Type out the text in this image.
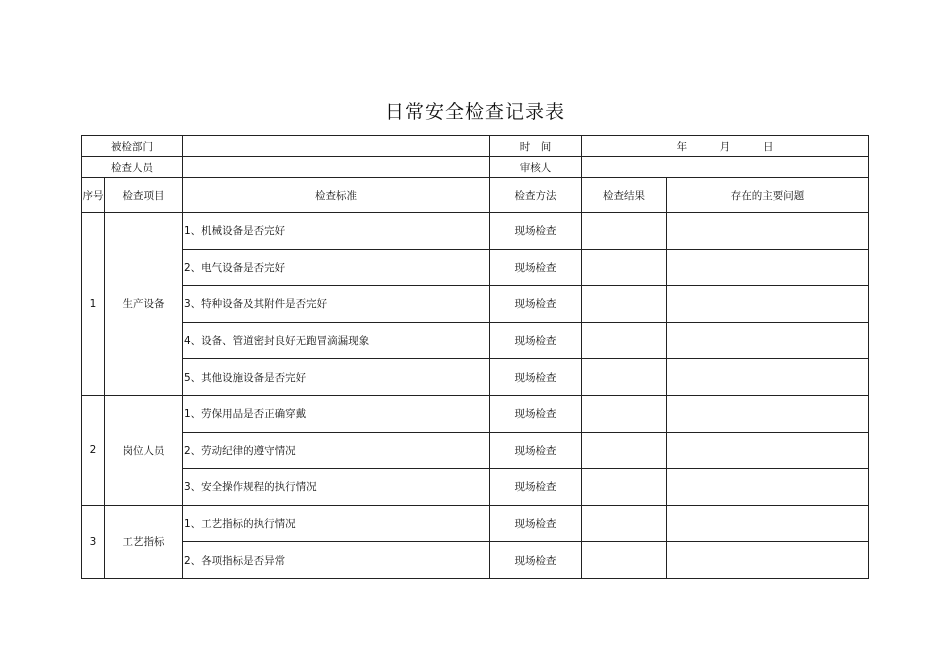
日常安全检查记录表
被检部门			时　间	年 月 日	
检查人员			审核人		
序号	检查项目	检查标准	检查方法	检查结果	存在的主要问题
1	生产设备	1、机械设备是否完好	现场检查		
		2、电气设备是否完好	现场检查		
		3、特种设备及其附件是否完好	现场检查		
		4、设备、管道密封良好无跑冒滴漏现象	现场检查		
		5、其他设施设备是否完好	现场检查		
2	岗位人员	1、劳保用品是否正确穿戴	现场检查		
		2、劳动纪律的遵守情况	现场检查		
		3、安全操作规程的执行情况	现场检查		
3	工艺指标	1、工艺指标的执行情况	现场检查		
		2、各项指标是否异常	现场检查		
